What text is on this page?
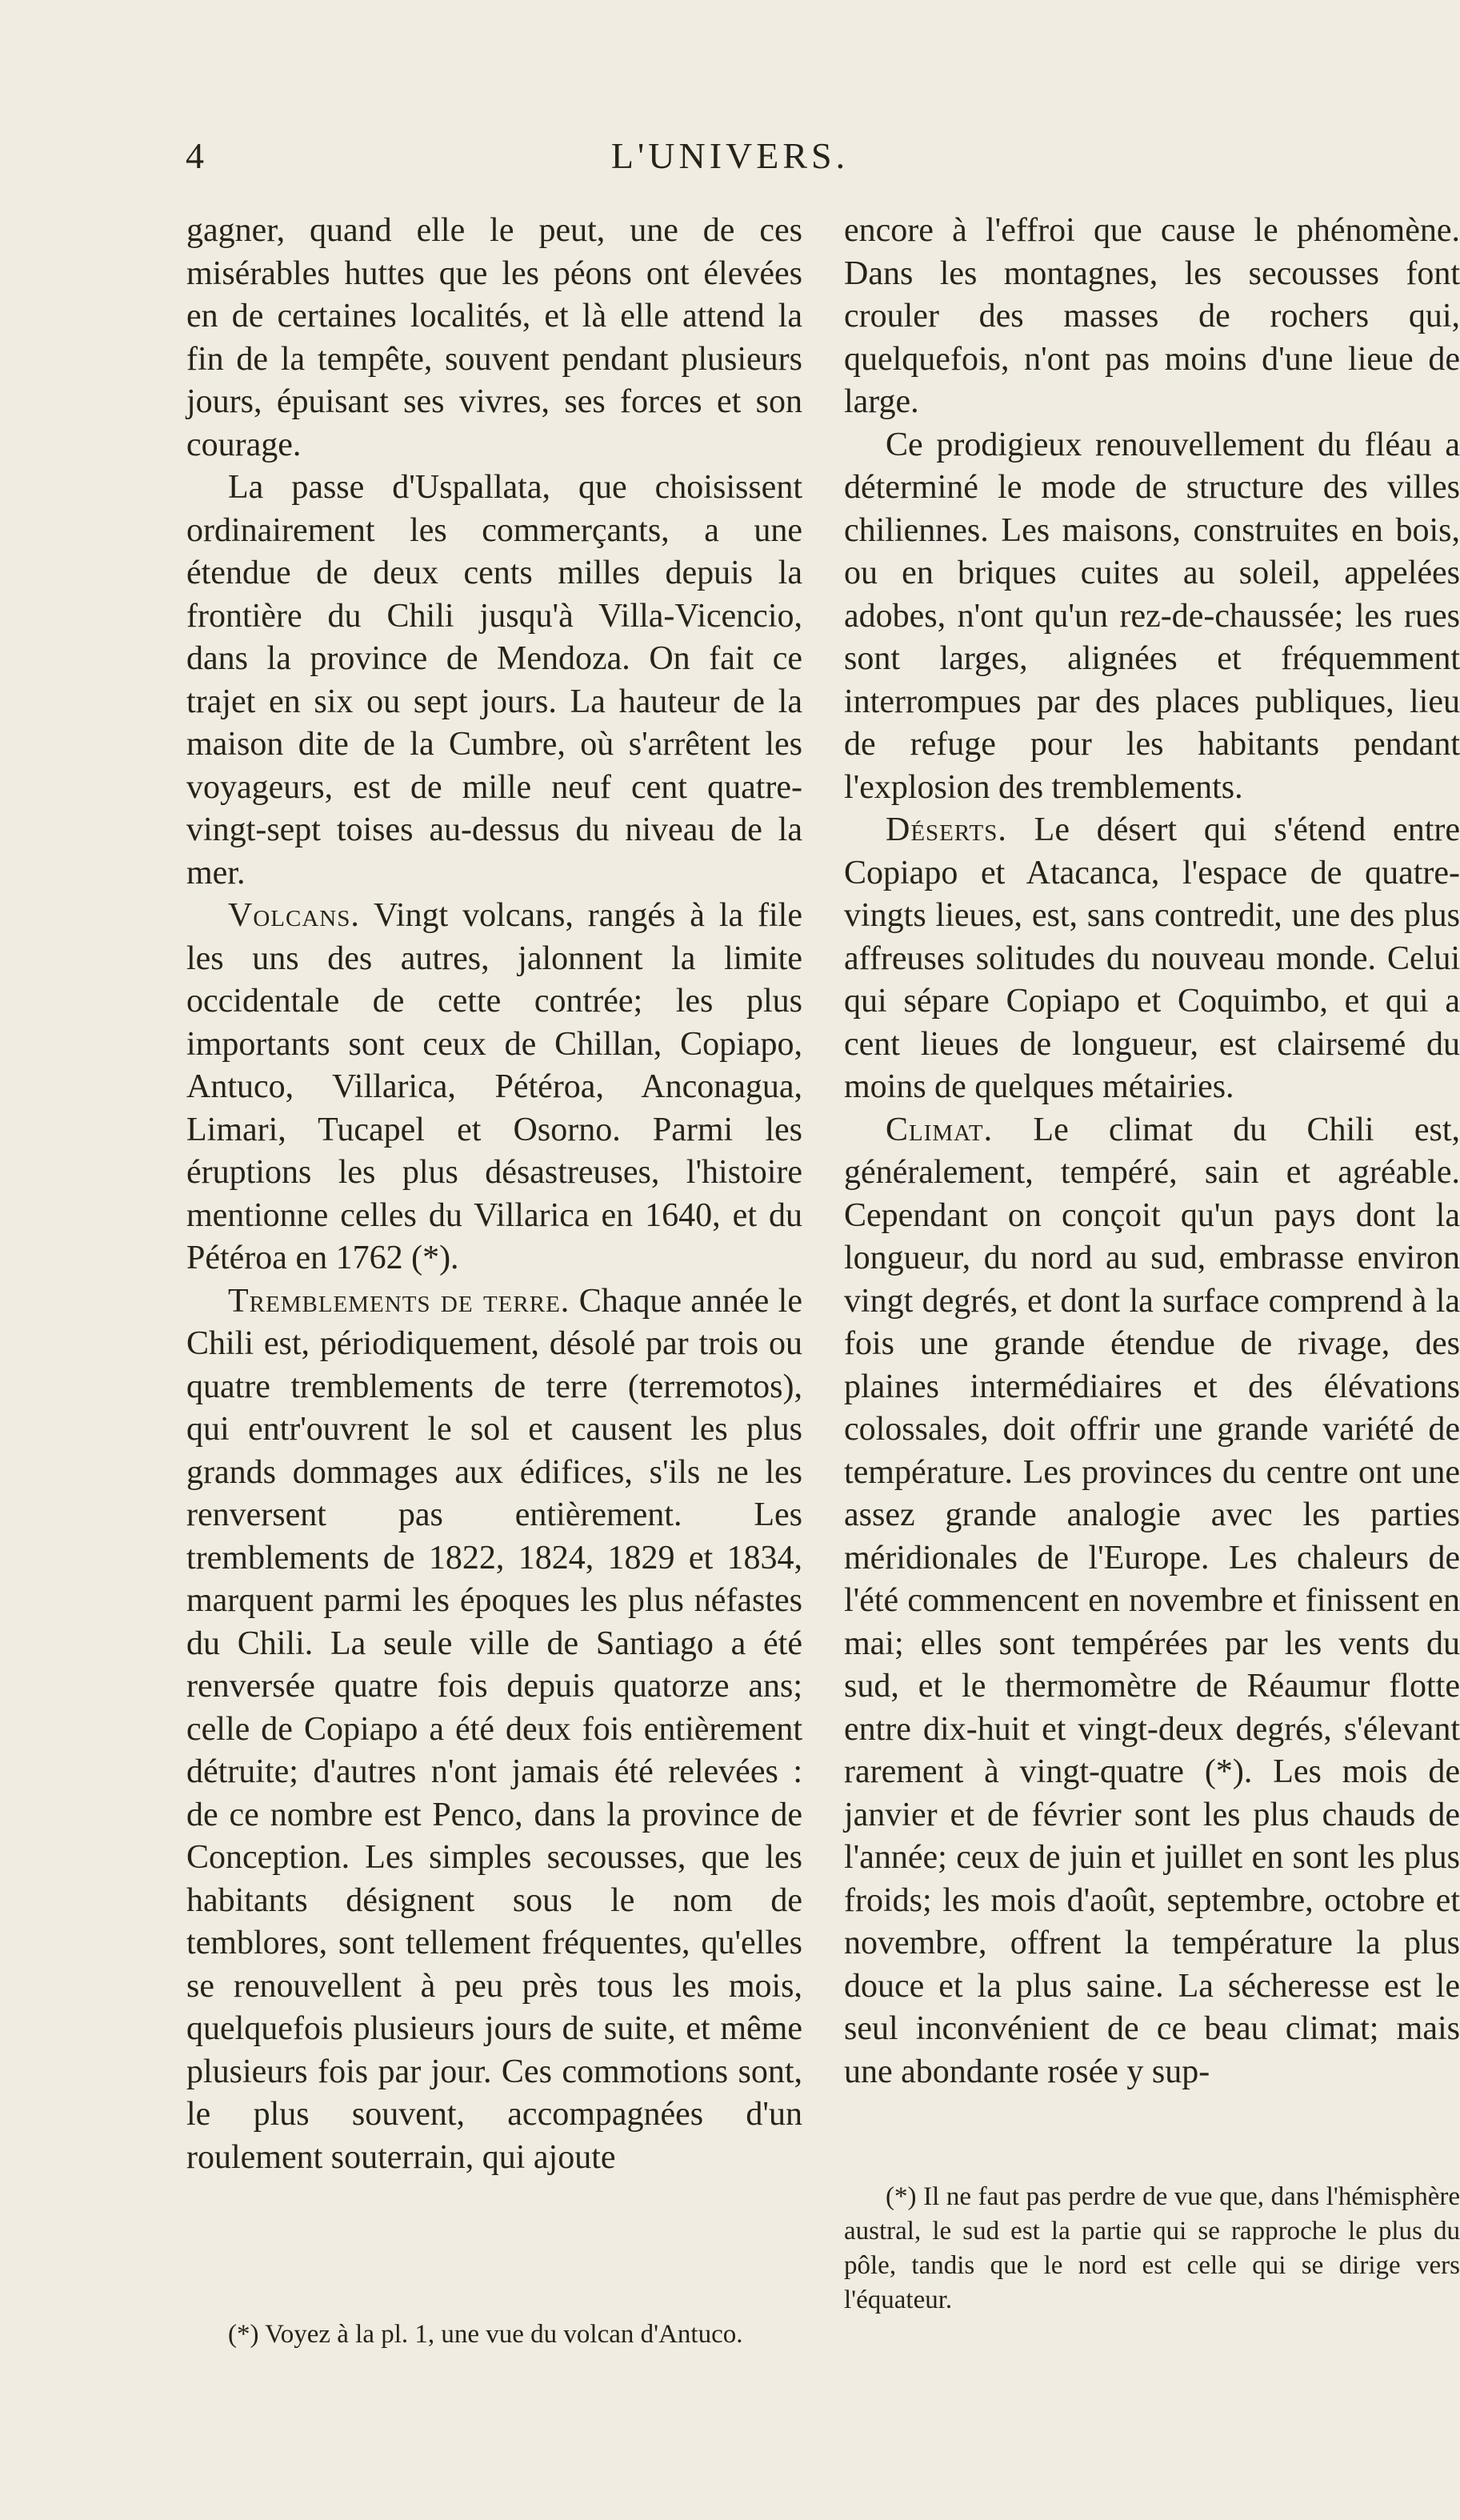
4	L'UNIVERS.

gagner, quand elle le peut, une de ces misérables huttes que les péons ont élevées en de certaines localités, et là elle attend la fin de la tempête, souvent pendant plusieurs jours, épuisant ses vivres, ses forces et son courage.

La passe d'Uspallata, que choisissent ordinairement les commerçants, a une étendue de deux cents milles depuis la frontière du Chili jusqu'à Villa-Vicencio, dans la province de Mendoza. On fait ce trajet en six ou sept jours. La hauteur de la maison dite de la Cumbre, où s'arrêtent les voyageurs, est de mille neuf cent quatre-vingt-sept toises au-dessus du niveau de la mer.

Volcans. Vingt volcans, rangés à la file les uns des autres, jalonnent la limite occidentale de cette contrée; les plus importants sont ceux de Chillan, Copiapo, Antuco, Villarica, Pétéroa, Anconagua, Limari, Tucapel et Osorno. Parmi les éruptions les plus désastreuses, l'histoire mentionne celles du Villarica en 1640, et du Pétéroa en 1762 (*).

Tremblements de terre. Chaque année le Chili est, périodiquement, désolé par trois ou quatre tremblements de terre (terremotos), qui entr'ouvrent le sol et causent les plus grands dommages aux édifices, s'ils ne les renversent pas entièrement. Les tremblements de 1822, 1824, 1829 et 1834, marquent parmi les époques les plus néfastes du Chili. La seule ville de Santiago a été renversée quatre fois depuis quatorze ans; celle de Copiapo a été deux fois entièrement détruite; d'autres n'ont jamais été relevées : de ce nombre est Penco, dans la province de Conception. Les simples secousses, que les habitants désignent sous le nom de temblores, sont tellement fréquentes, qu'elles se renouvellent à peu près tous les mois, quelquefois plusieurs jours de suite, et même plusieurs fois par jour. Ces commotions sont, le plus souvent, accompagnées d'un roulement souterrain, qui ajoute

encore à l'effroi que cause le phénomène. Dans les montagnes, les secousses font crouler des masses de rochers qui, quelquefois, n'ont pas moins d'une lieue de large.

Ce prodigieux renouvellement du fléau a déterminé le mode de structure des villes chiliennes. Les maisons, construites en bois, ou en briques cuites au soleil, appelées adobes, n'ont qu'un rez-de-chaussée; les rues sont larges, alignées et fréquemment interrompues par des places publiques, lieu de refuge pour les habitants pendant l'explosion des tremblements.

Déserts. Le désert qui s'étend entre Copiapo et Atacanca, l'espace de quatre-vingts lieues, est, sans contredit, une des plus affreuses solitudes du nouveau monde. Celui qui sépare Copiapo et Coquimbo, et qui a cent lieues de longueur, est clairsemé du moins de quelques métairies.

Climat. Le climat du Chili est, généralement, tempéré, sain et agréable. Cependant on conçoit qu'un pays dont la longueur, du nord au sud, embrasse environ vingt degrés, et dont la surface comprend à la fois une grande étendue de rivage, des plaines intermédiaires et des élévations colossales, doit offrir une grande variété de température. Les provinces du centre ont une assez grande analogie avec les parties méridionales de l'Europe. Les chaleurs de l'été commencent en novembre et finissent en mai; elles sont tempérées par les vents du sud, et le thermomètre de Réaumur flotte entre dix-huit et vingt-deux degrés, s'élevant rarement à vingt-quatre (*). Les mois de janvier et de février sont les plus chauds de l'année; ceux de juin et juillet en sont les plus froids; les mois d'août, septembre, octobre et novembre, offrent la température la plus douce et la plus saine. La sécheresse est le seul inconvénient de ce beau climat; mais une abondante rosée y sup-

(*) Voyez à la pl. 1, une vue du volcan d'Antuco.

(*) Il ne faut pas perdre de vue que, dans l'hémisphère austral, le sud est la partie qui se rapproche le plus du pôle, tandis que le nord est celle qui se dirige vers l'équateur.
